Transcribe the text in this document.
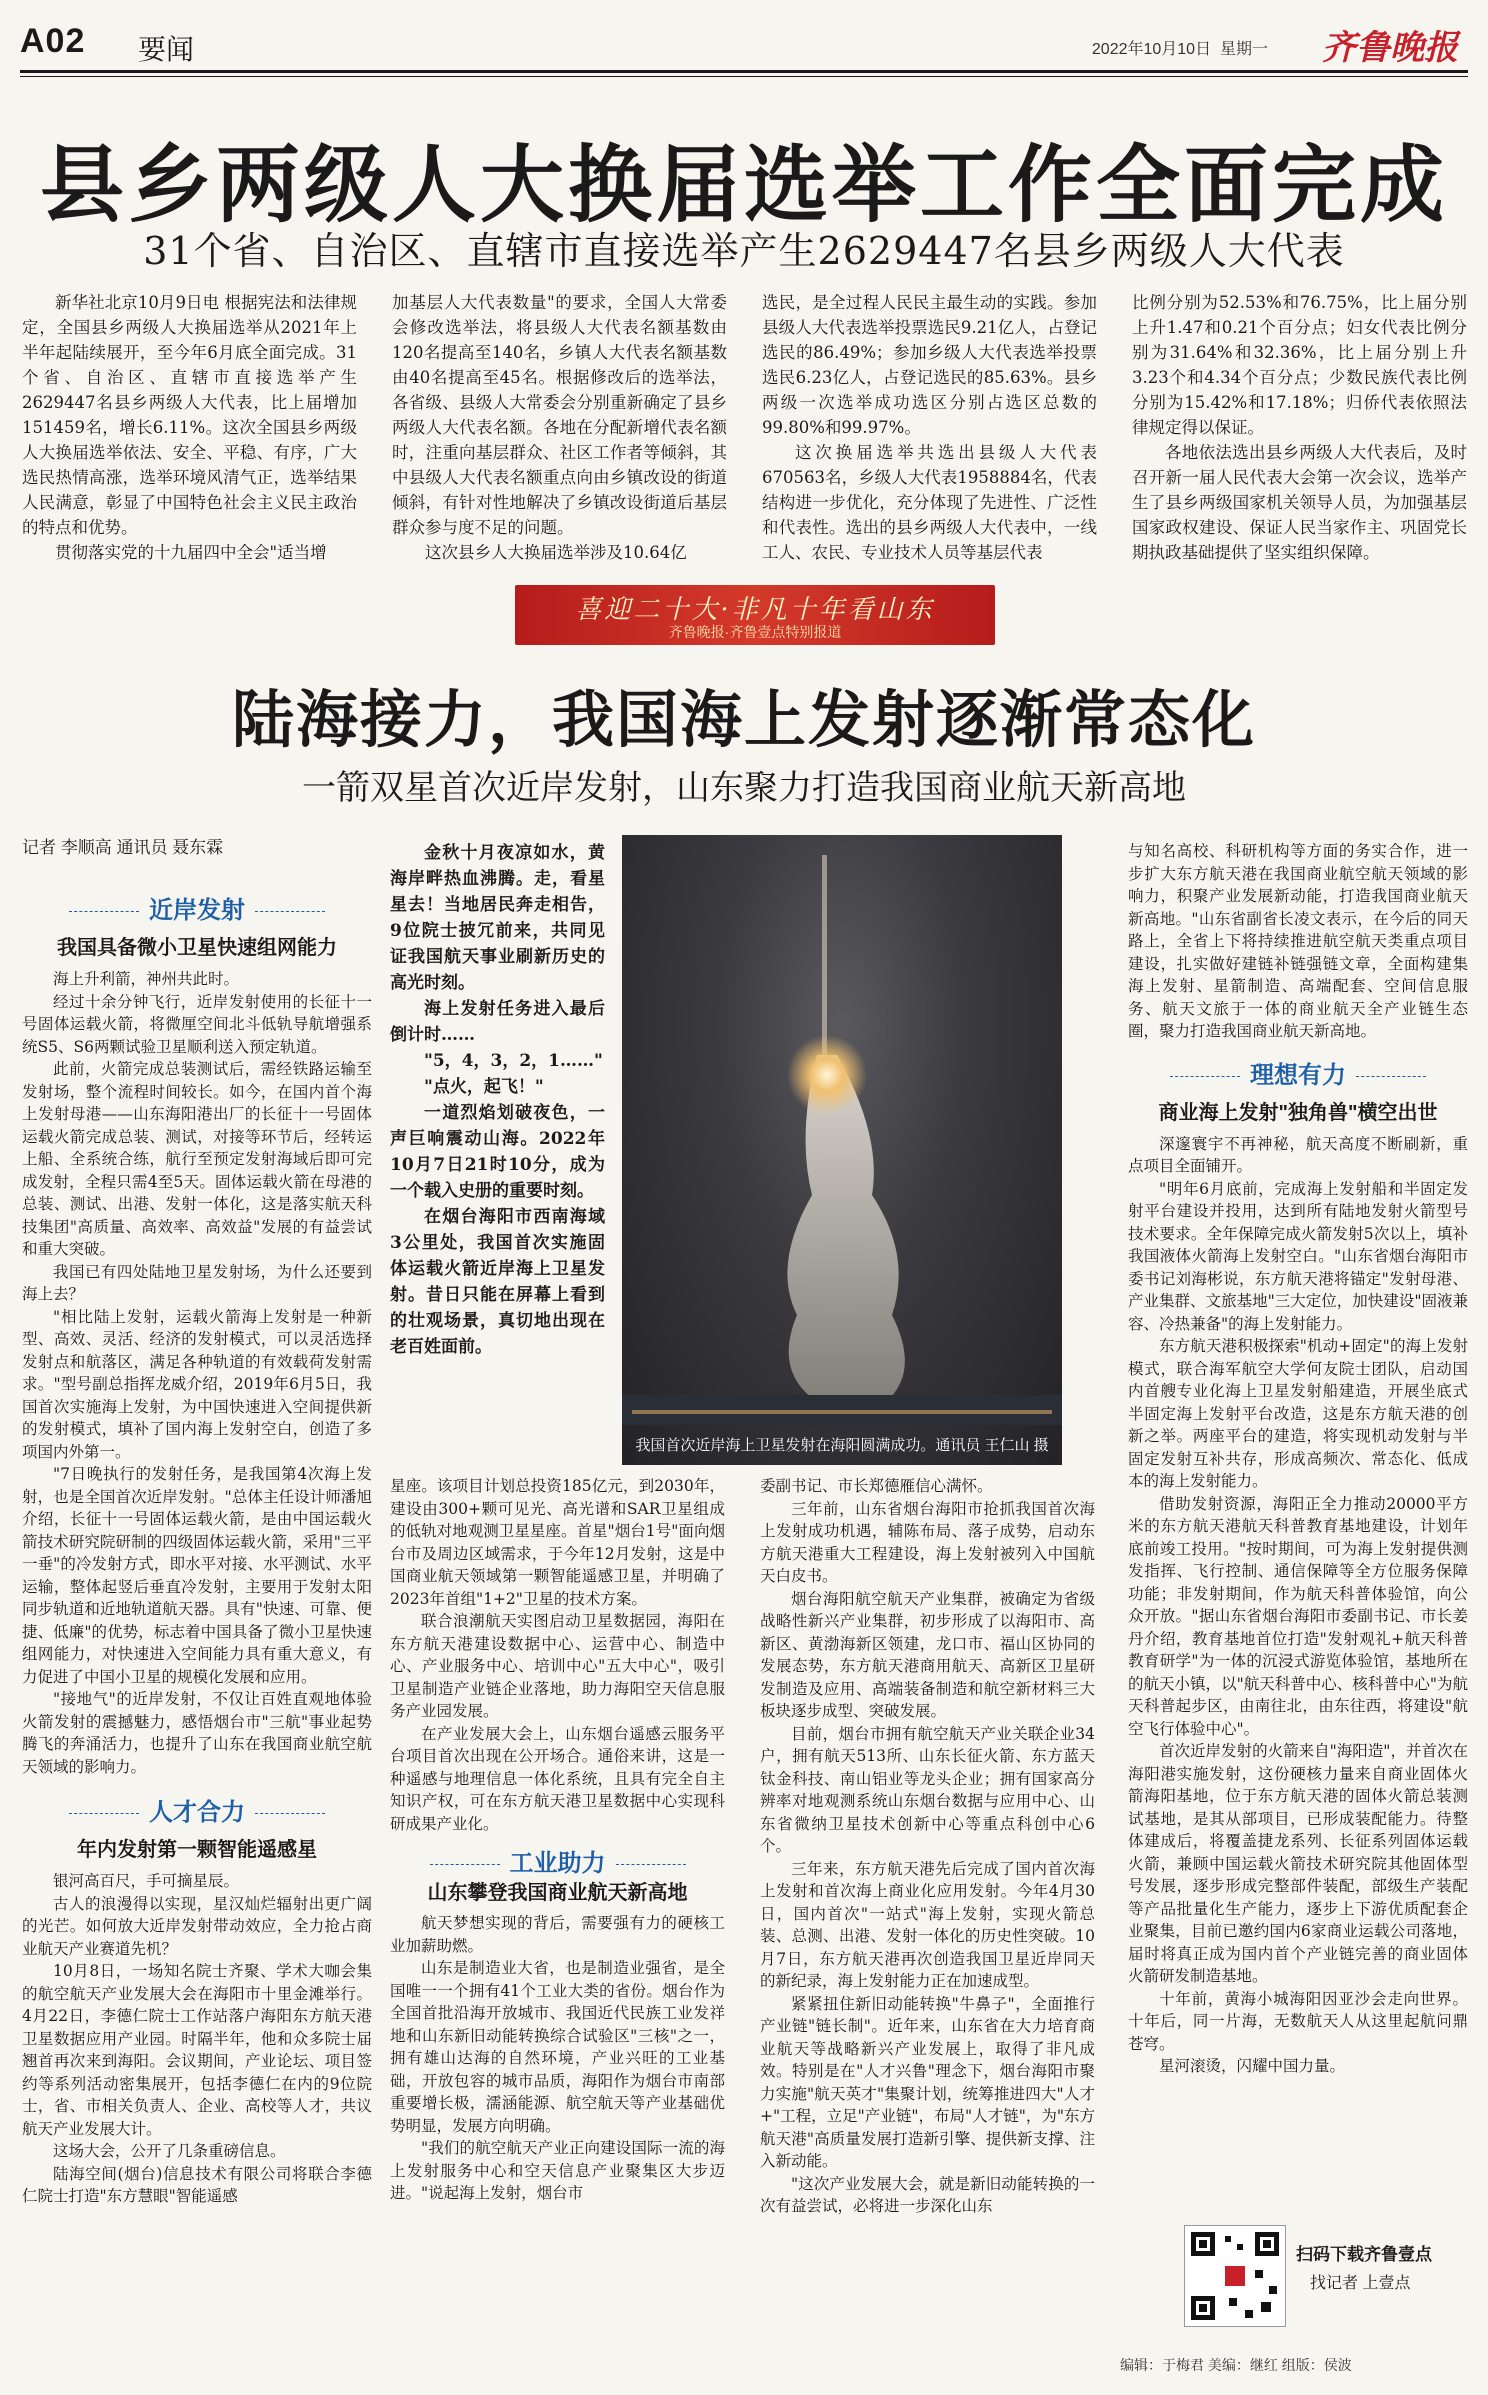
A02 要闻	2022年10月10日 星期一 齐鲁晚报
县乡两级人大换届选举工作全面完成
31个省、自治区、直辖市直接选举产生2629447名县乡两级人大代表

新华社北京10月9日电 根据宪法和法律规定，全国县乡两级人大换届选举从2021年上半年起陆续展开，至今年6月底全面完成。31个省、自治区、直辖市直接选举产生2629447名县乡两级人大代表，比上届增加151459名，增长6.11%。这次全国县乡两级人大换届选举依法、安全、平稳、有序，广大选民热情高涨，选举环境风清气正，选举结果人民满意，彰显了中国特色社会主义民主政治的特点和优势。

贯彻落实党的十九届四中全会"适当增

加基层人大代表数量"的要求，全国人大常委会修改选举法，将县级人大代表名额基数由120名提高至140名，乡镇人大代表名额基数由40名提高至45名。根据修改后的选举法，各省级、县级人大常委会分别重新确定了县乡两级人大代表名额。各地在分配新增代表名额时，注重向基层群众、社区工作者等倾斜，其中县级人大代表名额重点向由乡镇改设的街道倾斜，有针对性地解决了乡镇改设街道后基层群众参与度不足的问题。

这次县乡人大换届选举涉及10.64亿

选民，是全过程人民民主最生动的实践。参加县级人大代表选举投票选民9.21亿人，占登记选民的86.49%；参加乡级人大代表选举投票选民6.23亿人，占登记选民的85.63%。县乡两级一次选举成功选区分别占选区总数的99.80%和99.97%。

这次换届选举共选出县级人大代表670563名，乡级人大代表1958884名，代表结构进一步优化，充分体现了先进性、广泛性和代表性。选出的县乡两级人大代表中，一线工人、农民、专业技术人员等基层代表

比例分别为52.53%和76.75%，比上届分别上升1.47和0.21个百分点；妇女代表比例分别为31.64%和32.36%，比上届分别上升3.23个和4.34个百分点；少数民族代表比例分别为15.42%和17.18%；归侨代表依照法律规定得以保证。

各地依法选出县乡两级人大代表后，及时召开新一届人民代表大会第一次会议，选举产生了县乡两级国家机关领导人员，为加强基层国家政权建设、保证人民当家作主、巩固党长期执政基础提供了坚实组织保障。

喜迎二十大·非凡十年看山东
齐鲁晚报·齐鲁壹点特别报道
陆海接力，我国海上发射逐渐常态化
一箭双星首次近岸发射，山东聚力打造我国商业航天新高地
记者 李顺高 通讯员 聂东霖
近岸发射
我国具备微小卫星快速组网能力

海上升利箭，神州共此时。

经过十余分钟飞行，近岸发射使用的长征十一号固体运载火箭，将微厘空间北斗低轨导航增强系统S5、S6两颗试验卫星顺利送入预定轨道。

此前，火箭完成总装测试后，需经铁路运输至发射场，整个流程时间较长。如今，在国内首个海上发射母港——山东海阳港出厂的长征十一号固体运载火箭完成总装、测试，对接等环节后，经转运上船、全系统合练，航行至预定发射海域后即可完成发射，全程只需4至5天。固体运载火箭在母港的总装、测试、出港、发射一体化，这是落实航天科技集团"高质量、高效率、高效益"发展的有益尝试和重大突破。

我国已有四处陆地卫星发射场，为什么还要到海上去？

"相比陆上发射，运载火箭海上发射是一种新型、高效、灵活、经济的发射模式，可以灵活选择发射点和航落区，满足各种轨道的有效载荷发射需求。"型号副总指挥龙威介绍，2019年6月5日，我国首次实施海上发射，为中国快速进入空间提供新的发射模式，填补了国内海上发射空白，创造了多项国内外第一。

"7日晚执行的发射任务，是我国第4次海上发射，也是全国首次近岸发射。"总体主任设计师潘旭介绍，长征十一号固体运载火箭，是由中国运载火箭技术研究院研制的四级固体运载火箭，采用"三平一垂"的冷发射方式，即水平对接、水平测试、水平运输，整体起竖后垂直冷发射，主要用于发射太阳同步轨道和近地轨道航天器。具有"快速、可靠、便捷、低廉"的优势，标志着中国具备了微小卫星快速组网能力，对快速进入空间能力具有重大意义，有力促进了中国小卫星的规模化发展和应用。

"接地气"的近岸发射，不仅让百姓直观地体验火箭发射的震撼魅力，感悟烟台市"三航"事业起势腾飞的奔涌活力，也提升了山东在我国商业航空航天领域的影响力。

人才合力
年内发射第一颗智能遥感星

银河高百尺，手可摘星辰。

古人的浪漫得以实现，星汉灿烂辐射出更广阔的光芒。如何放大近岸发射带动效应，全力抢占商业航天产业赛道先机？

10月8日，一场知名院士齐聚、学术大咖会集的航空航天产业发展大会在海阳市十里金滩举行。4月22日，李德仁院士工作站落户海阳东方航天港卫星数据应用产业园。时隔半年，他和众多院士届翘首再次来到海阳。会议期间，产业论坛、项目签约等系列活动密集展开，包括李德仁在内的9位院士，省、市相关负责人、企业、高校等人才，共议航天产业发展大计。

这场大会，公开了几条重磅信息。

陆海空间(烟台)信息技术有限公司将联合李德仁院士打造"东方慧眼"智能遥感

金秋十月夜凉如水，黄海岸畔热血沸腾。走，看星星去！当地居民奔走相告，9位院士披冗前来，共同见证我国航天事业刷新历史的高光时刻。

海上发射任务进入最后倒计时……

"5，4，3，2，1……"

"点火，起飞！"

一道烈焰划破夜色，一声巨响震动山海。2022年10月7日21时10分，成为一个载入史册的重要时刻。

在烟台海阳市西南海域3公里处，我国首次实施固体运载火箭近岸海上卫星发射。昔日只能在屏幕上看到的壮观场景，真切地出现在老百姓面前。

我国首次近岸海上卫星发射在海阳圆满成功。通讯员 王仁山 摄

星座。该项目计划总投资185亿元，到2030年，建设由300+颗可见光、高光谱和SAR卫星组成的低轨对地观测卫星星座。首星"烟台1号"面向烟台市及周边区域需求，于今年12月发射，这是中国商业航天领域第一颗智能遥感卫星，并明确了2023年首组"1+2"卫星的技术方案。

联合浪潮航天实图启动卫星数据园，海阳在东方航天港建设数据中心、运营中心、制造中心、产业服务中心、培训中心"五大中心"，吸引卫星制造产业链企业落地，助力海阳空天信息服务产业园发展。

在产业发展大会上，山东烟台遥感云服务平台项目首次出现在公开场合。通俗来讲，这是一种遥感与地理信息一体化系统，且具有完全自主知识产权，可在东方航天港卫星数据中心实现科研成果产业化。

工业助力
山东攀登我国商业航天新高地

航天梦想实现的背后，需要强有力的硬核工业加薪助燃。

山东是制造业大省，也是制造业强省，是全国唯一一个拥有41个工业大类的省份。烟台作为全国首批沿海开放城市、我国近代民族工业发祥地和山东新旧动能转换综合试验区"三核"之一，拥有雄山达海的自然环境，产业兴旺的工业基础，开放包容的城市品质，海阳作为烟台市南部重要增长极，濡涵能源、航空航天等产业基础优势明显，发展方向明确。

"我们的航空航天产业正向建设国际一流的海上发射服务中心和空天信息产业聚集区大步迈进。"说起海上发射，烟台市

委副书记、市长郑德雁信心满怀。

三年前，山东省烟台海阳市抢抓我国首次海上发射成功机遇，辅陈布局、落子成势，启动东方航天港重大工程建设，海上发射被列入中国航天白皮书。

烟台海阳航空航天产业集群，被确定为省级战略性新兴产业集群，初步形成了以海阳市、高新区、黄渤海新区领建，龙口市、福山区协同的发展态势，东方航天港商用航天、高新区卫星研发制造及应用、高端装备制造和航空新材料三大板块逐步成型、突破发展。

目前，烟台市拥有航空航天产业关联企业34户，拥有航天513所、山东长征火箭、东方蓝天钛金科技、南山铝业等龙头企业；拥有国家高分辨率对地观测系统山东烟台数据与应用中心、山东省微纳卫星技术创新中心等重点科创中心6个。

三年来，东方航天港先后完成了国内首次海上发射和首次海上商业化应用发射。今年4月30日，国内首次"一站式"海上发射，实现火箭总装、总测、出港、发射一体化的历史性突破。10月7日，东方航天港再次创造我国卫星近岸同天的新纪录，海上发射能力正在加速成型。

紧紧扭住新旧动能转换"牛鼻子"，全面推行产业链"链长制"。近年来，山东省在大力培育商业航天等战略新兴产业发展上，取得了非凡成效。特别是在"人才兴鲁"理念下，烟台海阳市聚力实施"航天英才"集聚计划，统筹推进四大"人才+"工程，立足"产业链"，布局"人才链"，为"东方航天港"高质量发展打造新引擎、提供新支撑、注入新动能。

"这次产业发展大会，就是新旧动能转换的一次有益尝试，必将进一步深化山东

与知名高校、科研机构等方面的务实合作，进一步扩大东方航天港在我国商业航空航天领域的影响力，积聚产业发展新动能，打造我国商业航天新高地。"山东省副省长凌文表示，在今后的同天路上，全省上下将持续推进航空航天类重点项目建设，扎实做好建链补链强链文章，全面构建集海上发射、星箭制造、高端配套、空间信息服务、航天文旅于一体的商业航天全产业链生态圈，聚力打造我国商业航天新高地。

理想有力
商业海上发射"独角兽"横空出世

深邃寰宇不再神秘，航天高度不断刷新，重点项目全面铺开。

"明年6月底前，完成海上发射船和半固定发射平台建设并投用，达到所有陆地发射火箭型号技术要求。全年保障完成火箭发射5次以上，填补我国液体火箭海上发射空白。"山东省烟台海阳市委书记刘海彬说，东方航天港将锚定"发射母港、产业集群、文旅基地"三大定位，加快建设"固液兼容、冷热兼备"的海上发射能力。

东方航天港积极探索"机动+固定"的海上发射模式，联合海军航空大学何友院士团队，启动国内首艘专业化海上卫星发射船建造，开展坐底式半固定海上发射平台改造，这是东方航天港的创新之举。两座平台的建造，将实现机动发射与半固定发射互补共存，形成高频次、常态化、低成本的海上发射能力。

借助发射资源，海阳正全力推动20000平方米的东方航天港航天科普教育基地建设，计划年底前竣工投用。"按时期间，可为海上发射提供测发指挥、飞行控制、通信保障等全方位服务保障功能；非发射期间，作为航天科普体验馆，向公众开放。"据山东省烟台海阳市委副书记、市长姜丹介绍，教育基地首位打造"发射观礼+航天科普教育研学"为一体的沉浸式游览体验馆，基地所在的航天小镇，以"航天科普中心、核科普中心"为航天科普起步区，由南往北，由东往西，将建设"航空飞行体验中心"。

首次近岸发射的火箭来自"海阳造"，并首次在海阳港实施发射，这份硬核力量来自商业固体火箭海阳基地，位于东方航天港的固体火箭总装测试基地，是其从部项目，已形成装配能力。待整体建成后，将覆盖捷龙系列、长征系列固体运载火箭，兼顾中国运载火箭技术研究院其他固体型号发展，逐步形成完整部件装配，部级生产装配等产品批量化生产能力，逐步上下游优质配套企业聚集，目前已邀约国内6家商业运载公司落地，届时将真正成为国内首个产业链完善的商业固体火箭研发制造基地。

十年前，黄海小城海阳因亚沙会走向世界。十年后，同一片海，无数航天人从这里起航问鼎苍穹。

星河滚烫，闪耀中国力量。

扫码下载齐鲁壹点
找记者 上壹点
编辑：于梅君 美编：继红 组版：侯波
